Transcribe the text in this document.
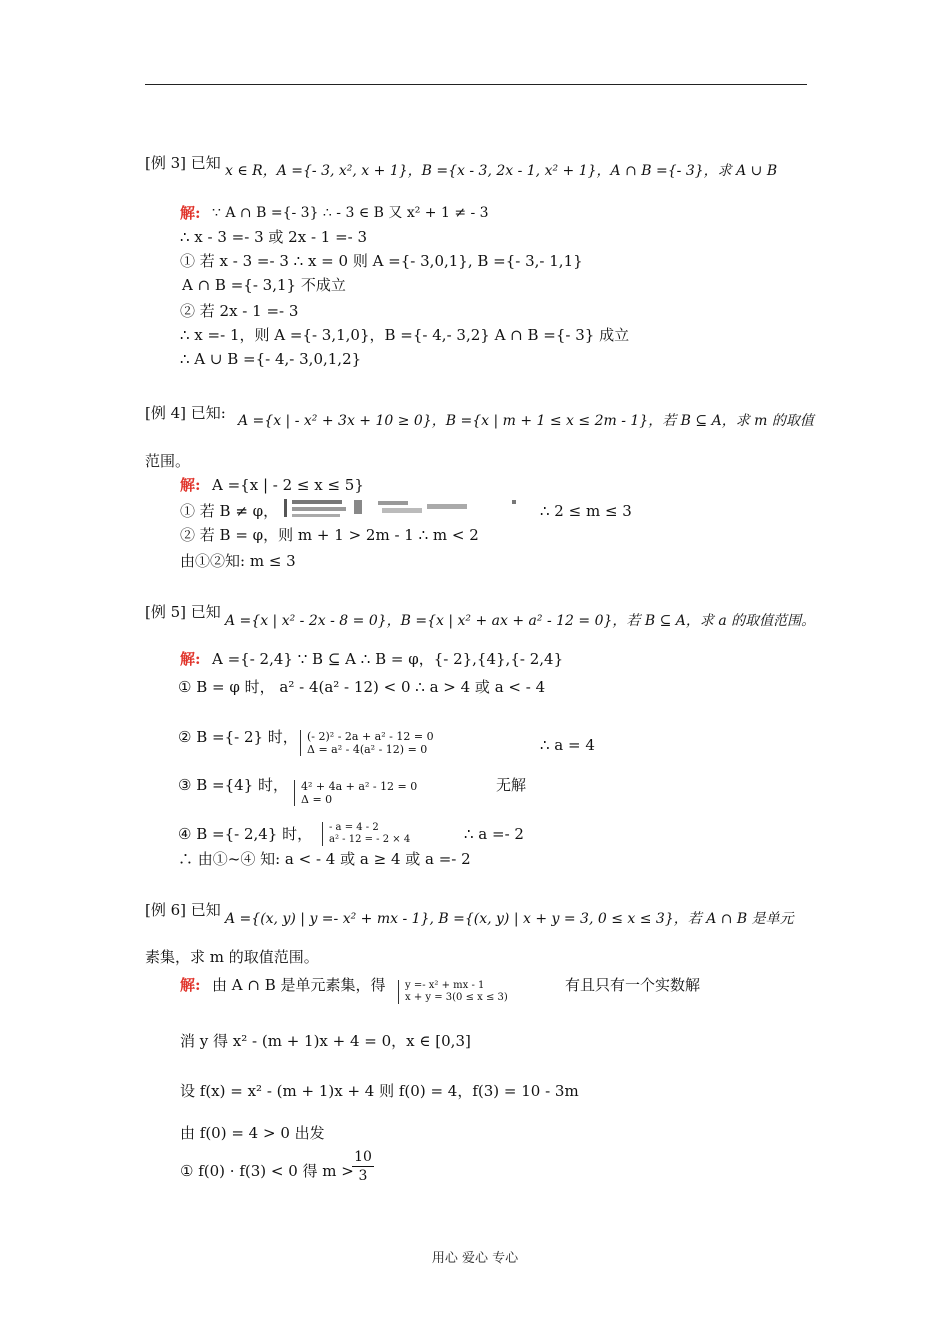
[例 3] 已知 x ∈ R，A ={- 3, x², x + 1}，B ={x - 3, 2x - 1, x² + 1}，A ∩ B ={- 3}，求 A ∪ B
解: ∵ A ∩ B ={- 3} ∴ - 3 ∈ B 又 x² + 1 ≠ - 3
∴ x - 3 =- 3 或 2x - 1 =- 3
① 若 x - 3 =- 3 ∴ x = 0 则 A ={- 3,0,1}, B ={- 3,- 1,1}
A ∩ B ={- 3,1} 不成立
② 若 2x - 1 =- 3
∴ x =- 1，则 A ={- 3,1,0}，B ={- 4,- 3,2} A ∩ B ={- 3} 成立
∴ A ∪ B ={- 4,- 3,0,1,2}
[例 4] 已知: A ={x | - x² + 3x + 10 ≥ 0}，B ={x | m + 1 ≤ x ≤ 2m - 1}，若 B ⊆ A，求 m 的取值
范围。
解: A ={x | - 2 ≤ x ≤ 5}
① 若 B ≠ φ，	∴ 2 ≤ m ≤ 3
② 若 B = φ，则 m + 1 > 2m - 1 ∴ m < 2
由①②知: m ≤ 3
[例 5] 已知 A ={x | x² - 2x - 8 = 0}，B ={x | x² + ax + a² - 12 = 0}，若 B ⊆ A，求 a 的取值范围。
解: A ={- 2,4} ∵ B ⊆ A ∴ B = φ，{- 2},{4},{- 2,4}
① B = φ 时， a² - 4(a² - 12) < 0 ∴ a > 4 或 a < - 4
② B ={- 2} 时， (- 2)² - 2a + a² - 12 = 0
Δ = a² - 4(a² - 12) = 0	∴ a = 4
③ B ={4} 时， 4² + 4a + a² - 12 = 0
Δ = 0
无解
④ B ={- 2,4} 时， - a = 4 - 2
a² - 12 = - 2 × 4	∴ a =- 2
∴ 由①~④ 知: a < - 4 或 a ≥ 4 或 a =- 2
[例 6] 已知 A ={(x, y) | y =- x² + mx - 1}, B ={(x, y) | x + y = 3, 0 ≤ x ≤ 3}，若 A ∩ B 是单元
素集，求 m 的取值范围。
解: 由 A ∩ B 是单元素集，得 y =- x² + mx - 1
x + y = 3(0 ≤ x ≤ 3)
有且只有一个实数解
消 y 得 x² - (m + 1)x + 4 = 0，x ∈ [0,3]
设 f(x) = x² - (m + 1)x + 4 则 f(0) = 4，f(3) = 10 - 3m
由 f(0) = 4 > 0 出发
① f(0) · f(3) < 0 得 m >
$\frac{10}{3}$
用心 爱心 专心
